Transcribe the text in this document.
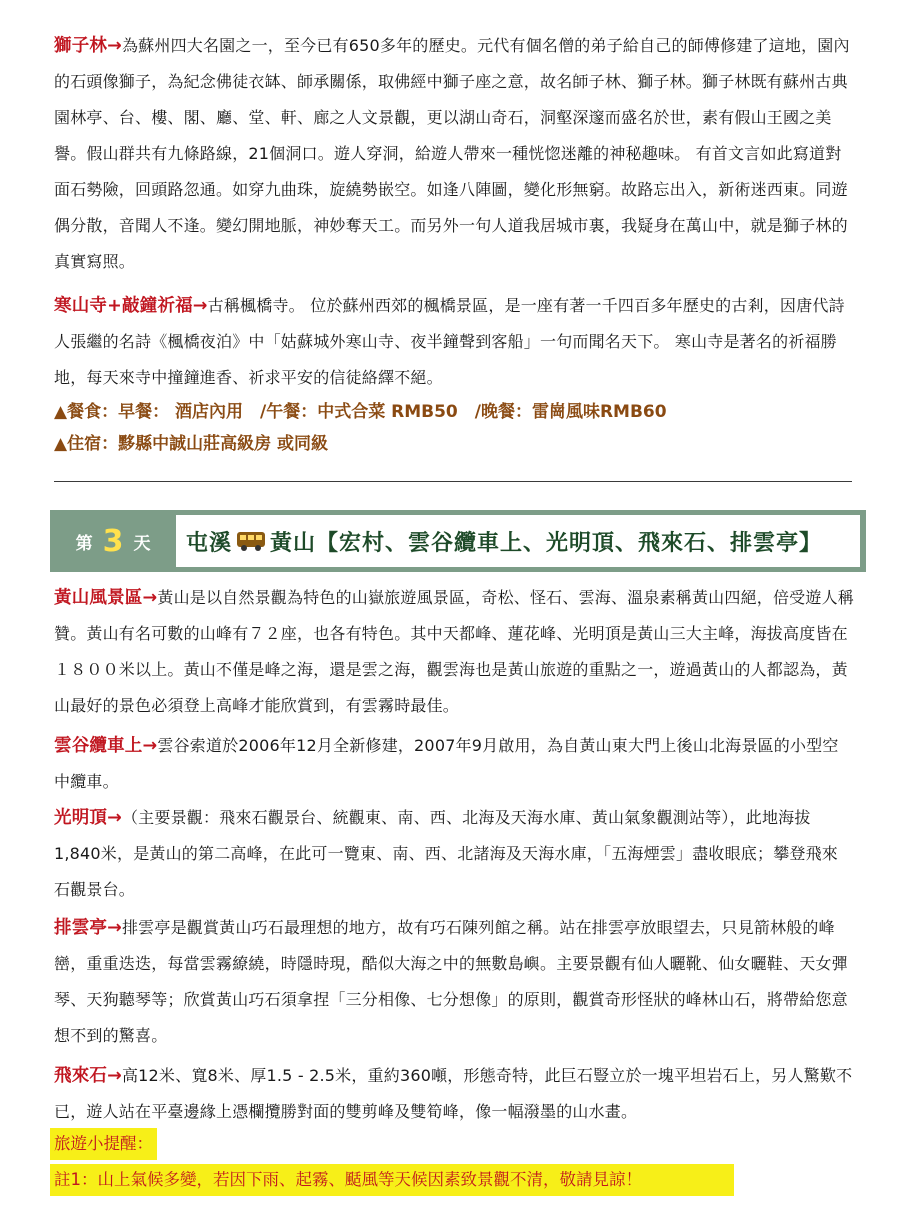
獅子林→為蘇州四大名園之一，至今已有650多年的歷史。元代有個名僧的弟子給自己的師傅修建了這地，園內的石頭像獅子，為紀念佛徒衣缽、師承關係，取佛經中獅子座之意，故名師子林、獅子林。獅子林既有蘇州古典園林亭、台、樓、閣、廳、堂、軒、廊之人文景觀，更以湖山奇石，洞壑深邃而盛名於世，素有假山王國之美譽。假山群共有九條路線，21個洞口。遊人穿洞，給遊人帶來一種恍惚迷離的神秘趣味。 有首文言如此寫道對面石勢險，回頭路忽通。如穿九曲珠，旋繞勢嵌空。如逢八陣圖，變化形無窮。故路忘出入，新術迷西東。同遊偶分散，音聞人不逢。變幻開地脈，神妙奪天工。而另外一句人道我居城市裏，我疑身在萬山中，就是獅子林的真實寫照。

寒山寺+敲鐘祈福→古稱楓橋寺。 位於蘇州西郊的楓橋景區，是一座有著一千四百多年歷史的古剎，因唐代詩人張繼的名詩《楓橋夜泊》中「姑蘇城外寒山寺、夜半鐘聲到客船」一句而聞名天下。 寒山寺是著名的祈福勝地，每天來寺中撞鐘進香、祈求平安的信徒絡繹不絕。

▲餐食：早餐： 酒店內用　/午餐：中式合菜 RMB50　/晚餐：雷崗風味RMB60

▲住宿：黟縣中誠山莊高級房 或同級

第 3 天 屯溪 黃山【宏村、雲谷纜車上、光明頂、飛來石、排雲亭】

黃山風景區→黃山是以自然景觀為特色的山嶽旅遊風景區，奇松、怪石、雲海、溫泉素稱黃山四絕，倍受遊人稱贊。黃山有名可數的山峰有７２座，也各有特色。其中天都峰、蓮花峰、光明頂是黃山三大主峰，海拔高度皆在１８００米以上。黃山不僅是峰之海，還是雲之海，觀雲海也是黃山旅遊的重點之一，遊過黃山的人都認為，黃山最好的景色必須登上高峰才能欣賞到，有雲霧時最佳。

雲谷纜車上→雲谷索道於2006年12月全新修建，2007年9月啟用，為自黃山東大門上後山北海景區的小型空中纜車。

光明頂→（主要景觀：飛來石觀景台、統觀東、南、西、北海及天海水庫、黃山氣象觀測站等），此地海拔1,840米，是黃山的第二高峰，在此可一覽東、南、西、北諸海及天海水庫，「五海煙雲」盡收眼底；攀登飛來石觀景台。

排雲亭→排雲亭是觀賞黃山巧石最理想的地方，故有巧石陳列館之稱。站在排雲亭放眼望去，只見箭林般的峰巒，重重迭迭，每當雲霧繚繞，時隱時現，酷似大海之中的無數島嶼。主要景觀有仙人曬靴、仙女曬鞋、天女彈琴、天狗聽琴等；欣賞黃山巧石須拿捏「三分相像、七分想像」的原則，觀賞奇形怪狀的峰林山石，將帶給您意想不到的驚喜。

飛來石→高12米、寬8米、厚1.5 - 2.5米，重約360噸，形態奇特，此巨石豎立於一塊平坦岩石上，另人驚歎不已，遊人站在平臺邊緣上憑欄攬勝對面的雙剪峰及雙筍峰，像一幅潑墨的山水畫。

旅遊小提醒：
註1：山上氣候多變，若因下雨、起霧、颳風等天候因素致景觀不清，敬請見諒！
